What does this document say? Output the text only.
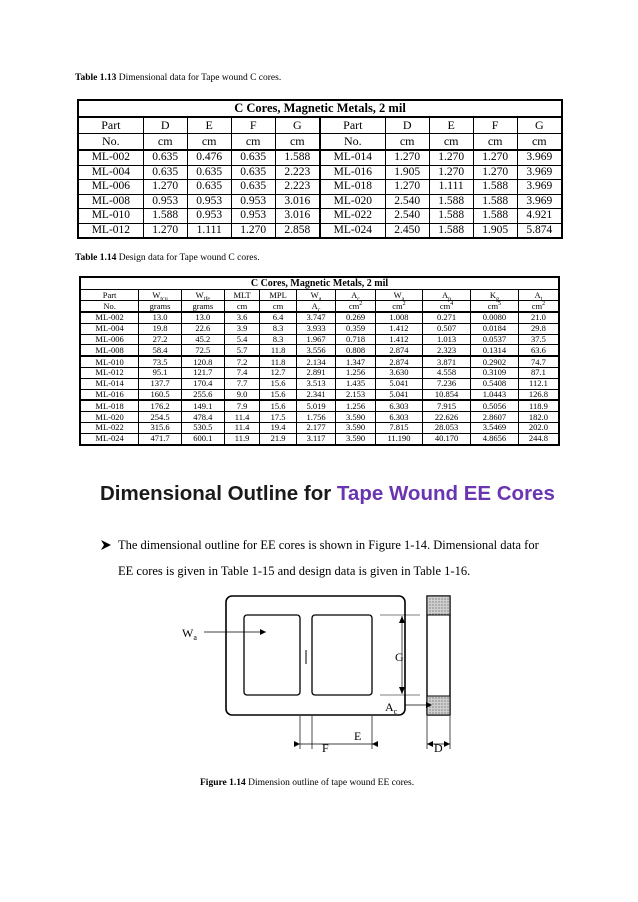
Table 1.13 Dimensional data for Tape wound C cores.
C Cores, Magnetic Metals, 2 mil									
Part	D	E	F	G	Part	D	E	F	G
No.	cm	cm	cm	cm	No.	cm	cm	cm	cm
ML-002	0.635	0.476	0.635	1.588	ML-014	1.270	1.270	1.270	3.969
ML-004	0.635	0.635	0.635	2.223	ML-016	1.905	1.270	1.270	3.969
ML-006	1.270	0.635	0.635	2.223	ML-018	1.270	1.111	1.588	3.969
ML-008	0.953	0.953	0.953	3.016	ML-020	2.540	1.588	1.588	3.969
ML-010	1.588	0.953	0.953	3.016	ML-022	2.540	1.588	1.588	4.921
ML-012	1.270	1.111	1.270	2.858	ML-024	2.450	1.588	1.905	5.874
Table 1.14 Design data for Tape wound C cores.
C Cores, Magnetic Metals, 2 mil										
Part	$W_{tcu}$	$W_{tfe}$	MLT	MPL	$W_a$	$A_c$	$W_a$	$A_p$	$K_g$	$A_t$
No.	grams	grams	cm	cm	$A_c$	$cm^2$	$cm^2$	$cm^4$	$cm^5$	$cm^2$
ML-002	13.0	13.0	3.6	6.4	3.747	0.269	1.008	0.271	0.0080	21.0
ML-004	19.8	22.6	3.9	8.3	3.933	0.359	1.412	0.507	0.0184	29.8
ML-006	27.2	45.2	5.4	8.3	1.967	0.718	1.412	1.013	0.0537	37.5
ML-008	58.4	72.5	5.7	11.8	3.556	0.808	2.874	2.323	0.1314	63.6
ML-010	73.5	120.8	7.2	11.8	2.134	1.347	2.874	3.871	0.2902	74.7
ML-012	95.1	121.7	7.4	12.7	2.891	1.256	3.630	4.558	0.3109	87.1
ML-014	137.7	170.4	7.7	15.6	3.513	1.435	5.041	7.236	0.5408	112.1
ML-016	160.5	255.6	9.0	15.6	2.341	2.153	5.041	10.854	1.0443	126.8
ML-018	176.2	149.1	7.9	15.6	5.019	1.256	6.303	7.915	0.5056	118.9
ML-020	254.5	478.4	11.4	17.5	1.756	3.590	6.303	22.626	2.8607	182.0
ML-022	315.6	530.5	11.4	19.4	2.177	3.590	7.815	28.053	3.5469	202.0
ML-024	471.7	600.1	11.9	21.9	3.117	3.590	11.190	40.170	4.8656	244.8
Dimensional Outline for Tape Wound EE Cores
The dimensional outline for EE cores is shown in Figure 1-14. Dimensional data for
EE cores is given in Table 1-15 and design data is given in Table 1-16.
$W_a$
G
$A_c$
F
E
D
Figure 1.14 Dimension outline of tape wound EE cores.
